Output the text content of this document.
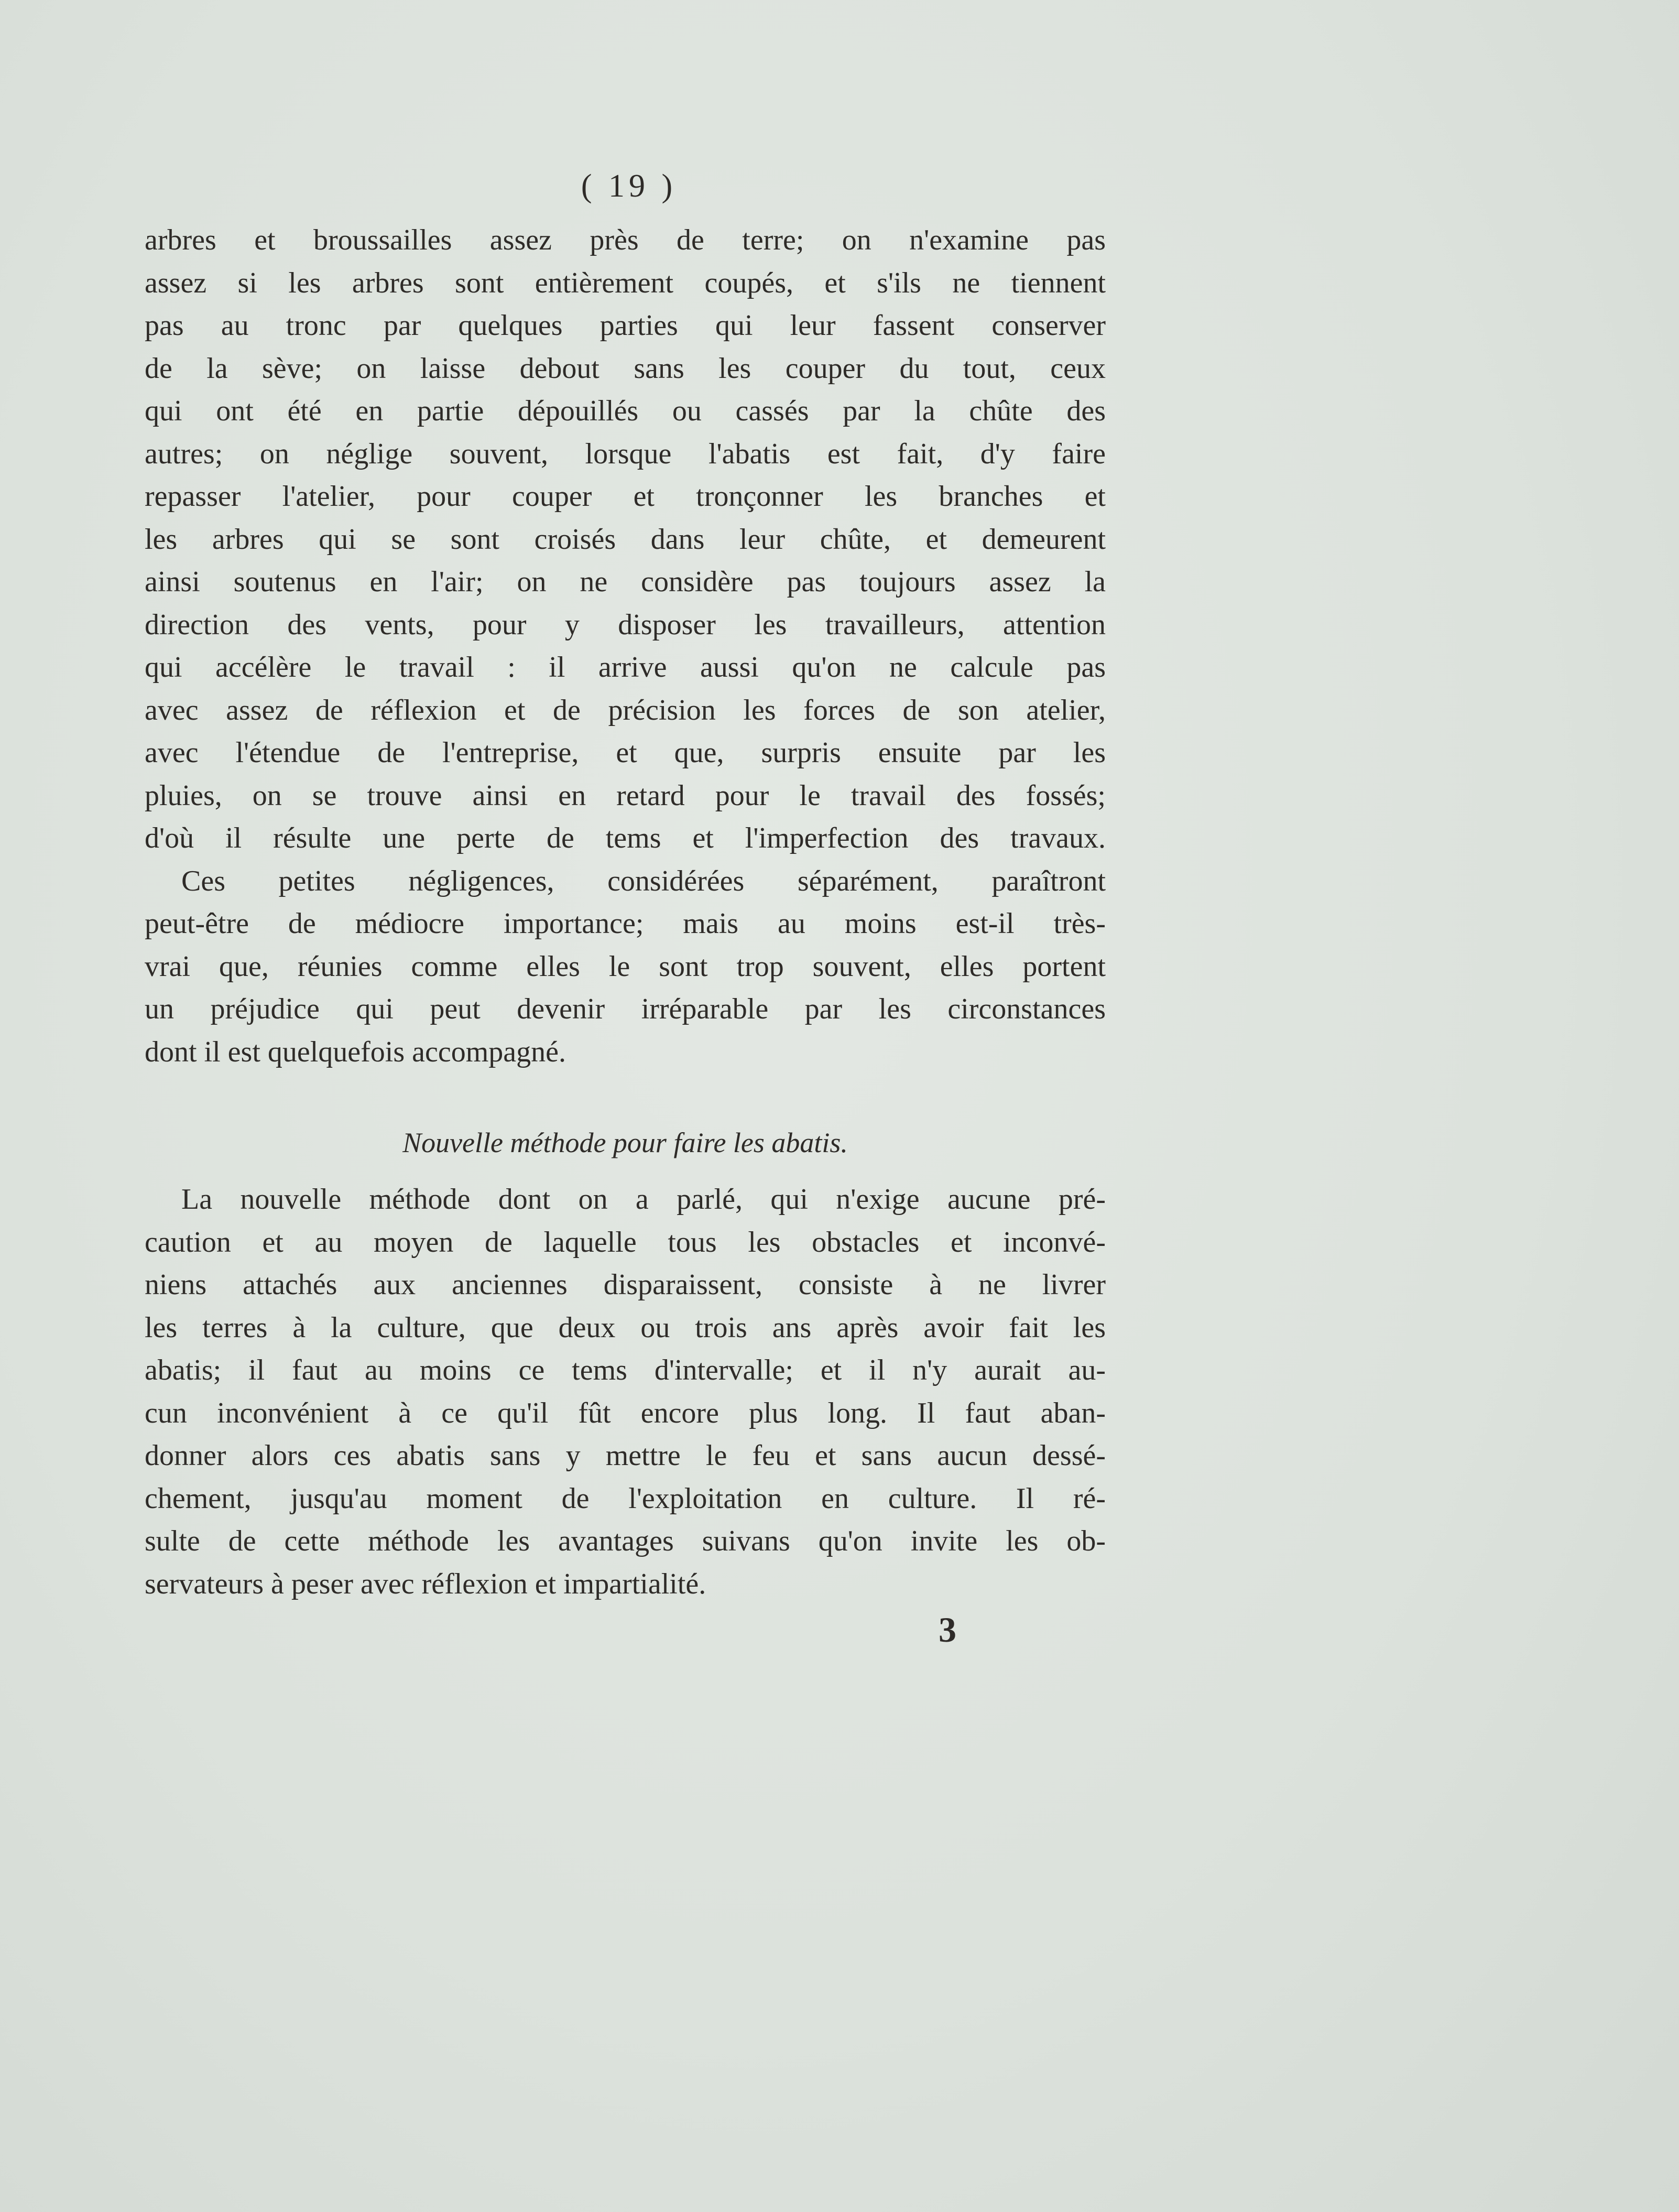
( 19 )
arbres et broussailles assez près de terre; on n'examine pas
assez si les arbres sont entièrement coupés, et s'ils ne tiennent
pas au tronc par quelques parties qui leur fassent conserver
de la sève; on laisse debout sans les couper du tout, ceux
qui ont été en partie dépouillés ou cassés par la chûte des
autres; on néglige souvent, lorsque l'abatis est fait, d'y faire
repasser l'atelier, pour couper et tronçonner les branches et
les arbres qui se sont croisés dans leur chûte, et demeurent
ainsi soutenus en l'air; on ne considère pas toujours assez la
direction des vents, pour y disposer les travailleurs, attention
qui accélère le travail : il arrive aussi qu'on ne calcule pas
avec assez de réflexion et de précision les forces de son atelier,
avec l'étendue de l'entreprise, et que, surpris ensuite par les
pluies, on se trouve ainsi en retard pour le travail des fossés;
d'où il résulte une perte de tems et l'imperfection des travaux.
Ces petites négligences, considérées séparément, paraîtront
peut-être de médiocre importance; mais au moins est-il très-
vrai que, réunies comme elles le sont trop souvent, elles portent
un préjudice qui peut devenir irréparable par les circonstances
dont il est quelquefois accompagné.
Nouvelle méthode pour faire les abatis.
La nouvelle méthode dont on a parlé, qui n'exige aucune pré-
caution et au moyen de laquelle tous les obstacles et inconvé-
niens attachés aux anciennes disparaissent, consiste à ne livrer
les terres à la culture, que deux ou trois ans après avoir fait les
abatis; il faut au moins ce tems d'intervalle; et il n'y aurait au-
cun inconvénient à ce qu'il fût encore plus long. Il faut aban-
donner alors ces abatis sans y mettre le feu et sans aucun dessé-
chement, jusqu'au moment de l'exploitation en culture. Il ré-
sulte de cette méthode les avantages suivans qu'on invite les ob-
servateurs à peser avec réflexion et impartialité.
3
